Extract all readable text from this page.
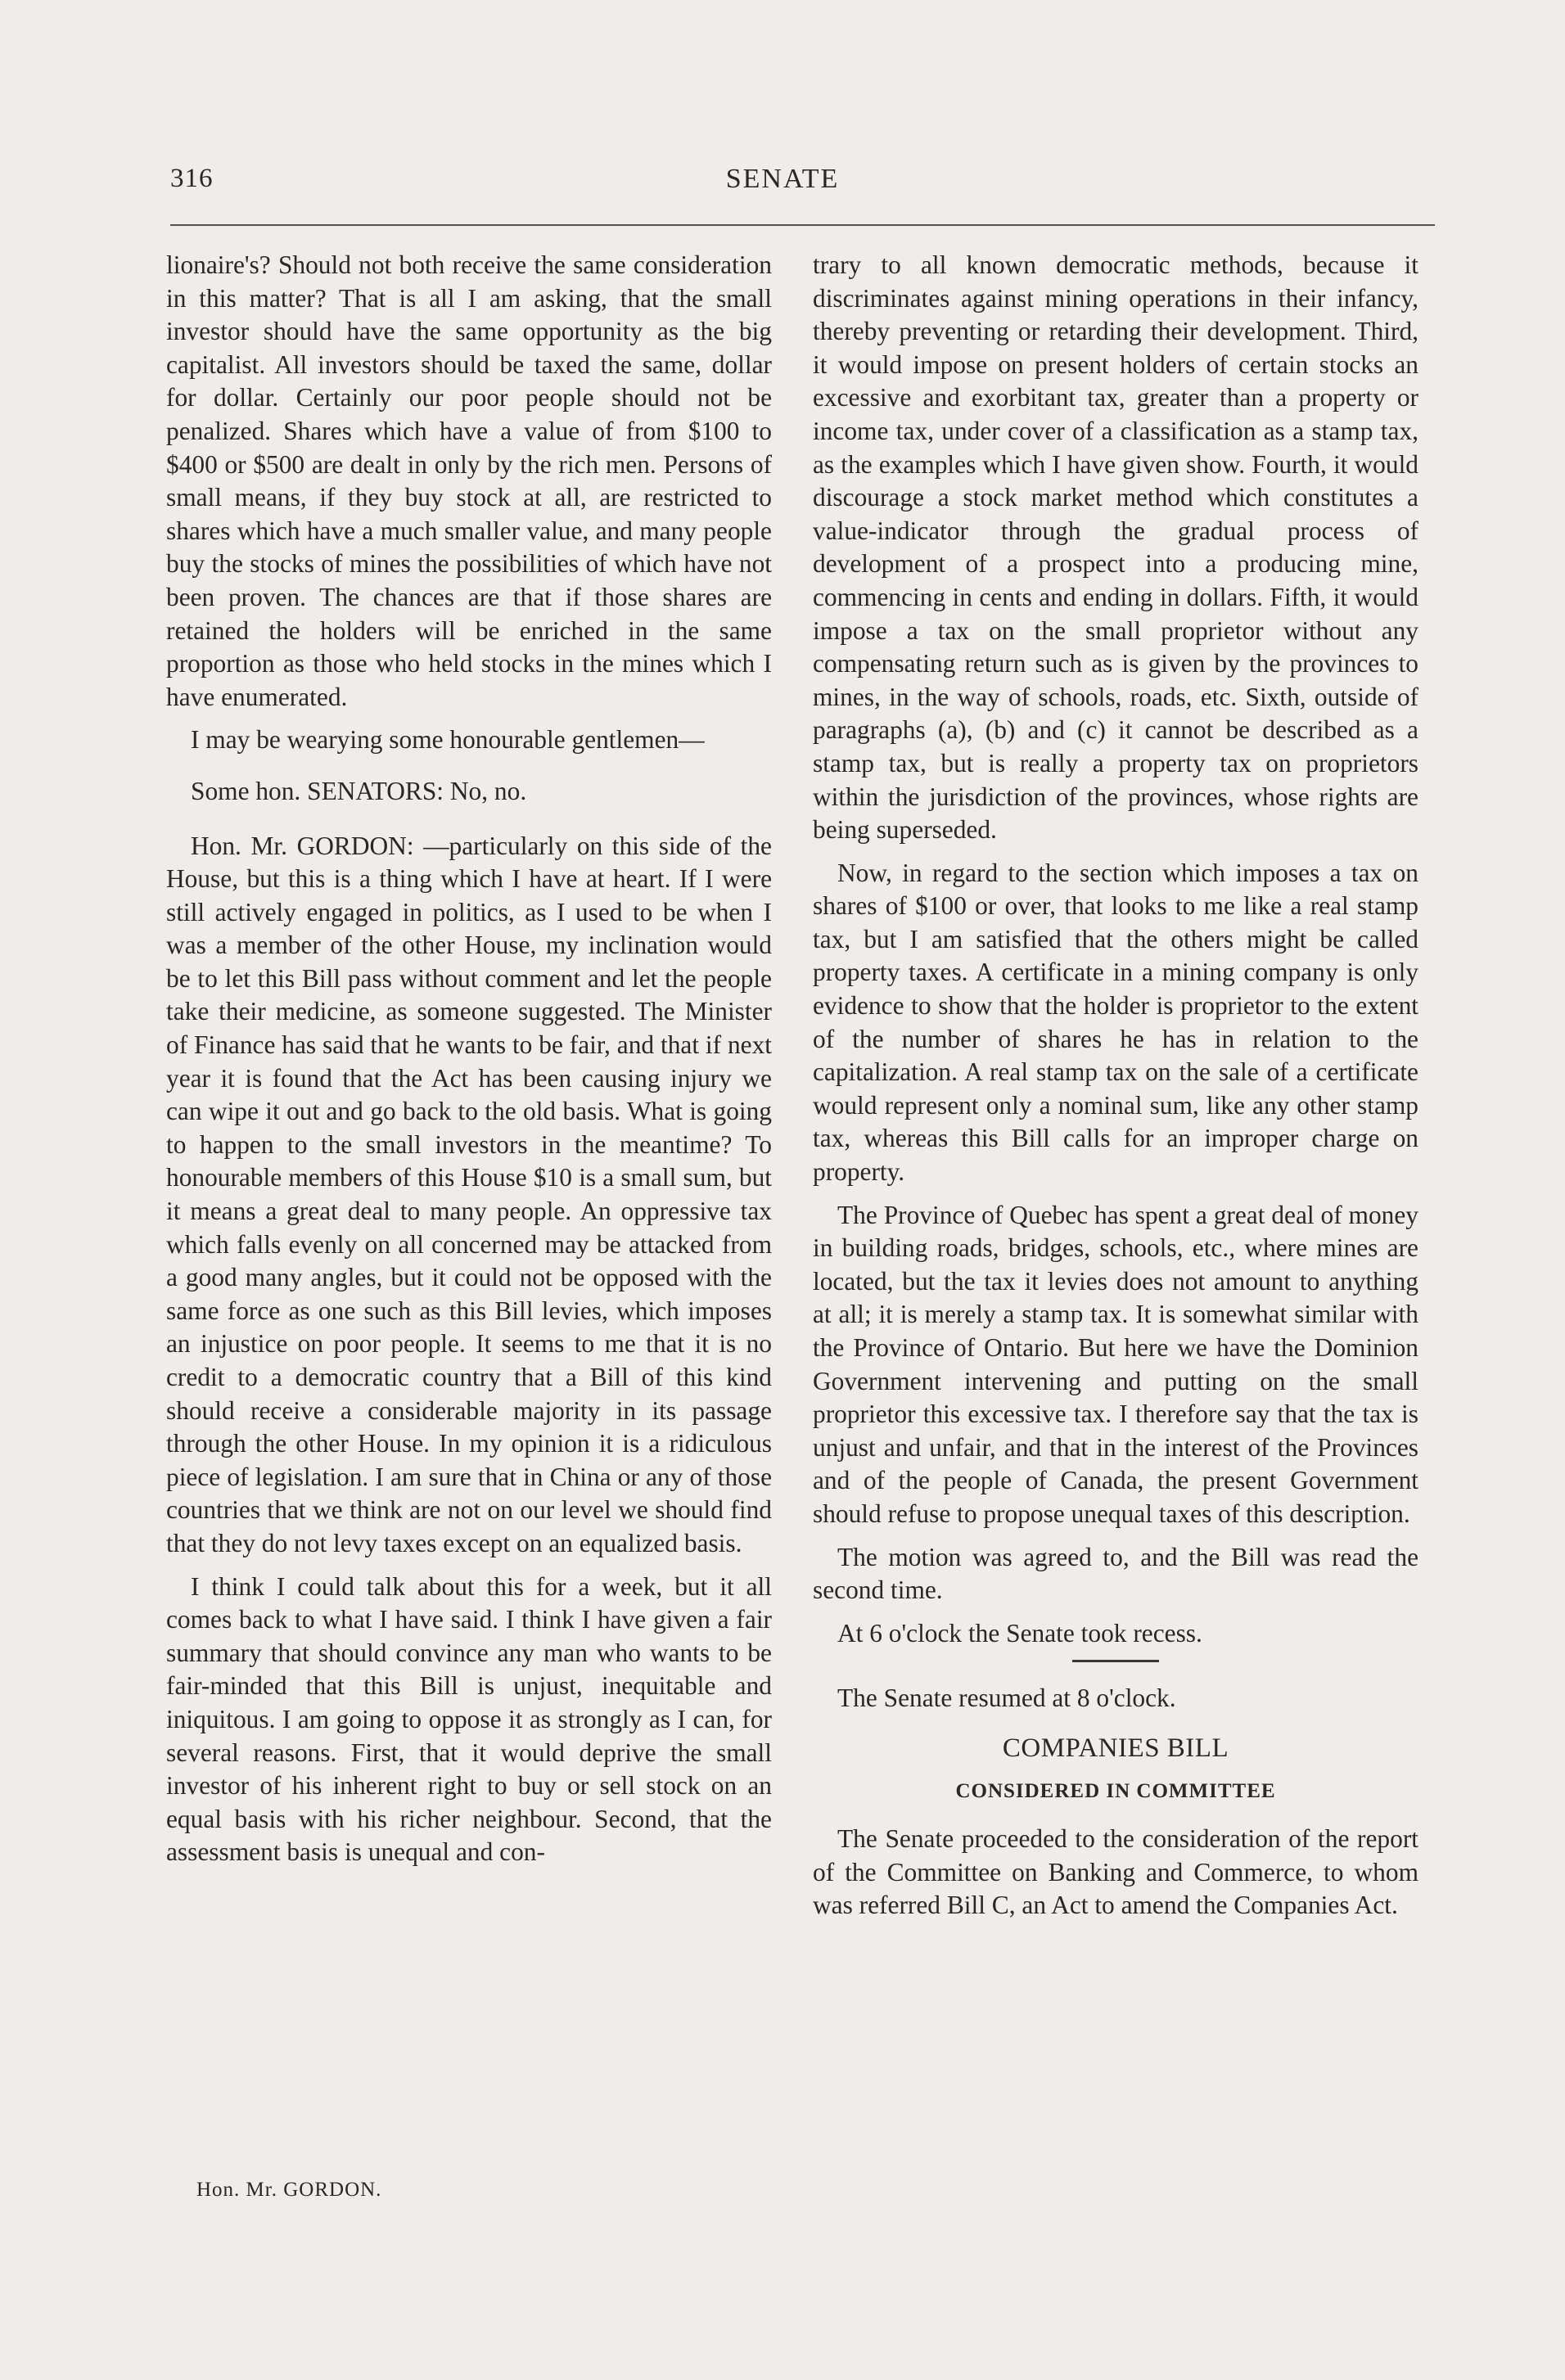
316	SENATE

lionaire's? Should not both receive the same consideration in this matter? That is all I am asking, that the small investor should have the same opportunity as the big capitalist. All investors should be taxed the same, dollar for dollar. Certainly our poor people should not be penalized. Shares which have a value of from $100 to $400 or $500 are dealt in only by the rich men. Persons of small means, if they buy stock at all, are restricted to shares which have a much smaller value, and many people buy the stocks of mines the possibilities of which have not been proven. The chances are that if those shares are retained the holders will be enriched in the same proportion as those who held stocks in the mines which I have enumerated.

I may be wearying some honourable gentlemen—

Some hon. SENATORS: No, no.

Hon. Mr. GORDON: —particularly on this side of the House, but this is a thing which I have at heart. If I were still actively engaged in politics, as I used to be when I was a member of the other House, my inclination would be to let this Bill pass without comment and let the people take their medicine, as someone suggested. The Minister of Finance has said that he wants to be fair, and that if next year it is found that the Act has been causing injury we can wipe it out and go back to the old basis. What is going to happen to the small investors in the meantime? To honourable members of this House $10 is a small sum, but it means a great deal to many people. An oppressive tax which falls evenly on all concerned may be attacked from a good many angles, but it could not be opposed with the same force as one such as this Bill levies, which imposes an injustice on poor people. It seems to me that it is no credit to a democratic country that a Bill of this kind should receive a considerable majority in its passage through the other House. In my opinion it is a ridiculous piece of legislation. I am sure that in China or any of those countries that we think are not on our level we should find that they do not levy taxes except on an equalized basis.

I think I could talk about this for a week, but it all comes back to what I have said. I think I have given a fair summary that should convince any man who wants to be fair-minded that this Bill is unjust, inequitable and iniquitous. I am going to oppose it as strongly as I can, for several reasons. First, that it would deprive the small investor of his inherent right to buy or sell stock on an equal basis with his richer neighbour. Second, that the assessment basis is unequal and con-

trary to all known democratic methods, because it discriminates against mining operations in their infancy, thereby preventing or retarding their development. Third, it would impose on present holders of certain stocks an excessive and exorbitant tax, greater than a property or income tax, under cover of a classification as a stamp tax, as the examples which I have given show. Fourth, it would discourage a stock market method which constitutes a value-indicator through the gradual process of development of a prospect into a producing mine, commencing in cents and ending in dollars. Fifth, it would impose a tax on the small proprietor without any compensating return such as is given by the provinces to mines, in the way of schools, roads, etc. Sixth, outside of paragraphs (a), (b) and (c) it cannot be described as a stamp tax, but is really a property tax on proprietors within the jurisdiction of the provinces, whose rights are being superseded.

Now, in regard to the section which imposes a tax on shares of $100 or over, that looks to me like a real stamp tax, but I am satisfied that the others might be called property taxes. A certificate in a mining company is only evidence to show that the holder is proprietor to the extent of the number of shares he has in relation to the capitalization. A real stamp tax on the sale of a certificate would represent only a nominal sum, like any other stamp tax, whereas this Bill calls for an improper charge on property.

The Province of Quebec has spent a great deal of money in building roads, bridges, schools, etc., where mines are located, but the tax it levies does not amount to anything at all; it is merely a stamp tax. It is somewhat similar with the Province of Ontario. But here we have the Dominion Government intervening and putting on the small proprietor this excessive tax. I therefore say that the tax is unjust and unfair, and that in the interest of the Provinces and of the people of Canada, the present Government should refuse to propose unequal taxes of this description.

The motion was agreed to, and the Bill was read the second time.

At 6 o'clock the Senate took recess.

The Senate resumed at 8 o'clock.

COMPANIES BILL
CONSIDERED IN COMMITTEE

The Senate proceeded to the consideration of the report of the Committee on Banking and Commerce, to whom was referred Bill C, an Act to amend the Companies Act.

Hon. Mr. GORDON.
